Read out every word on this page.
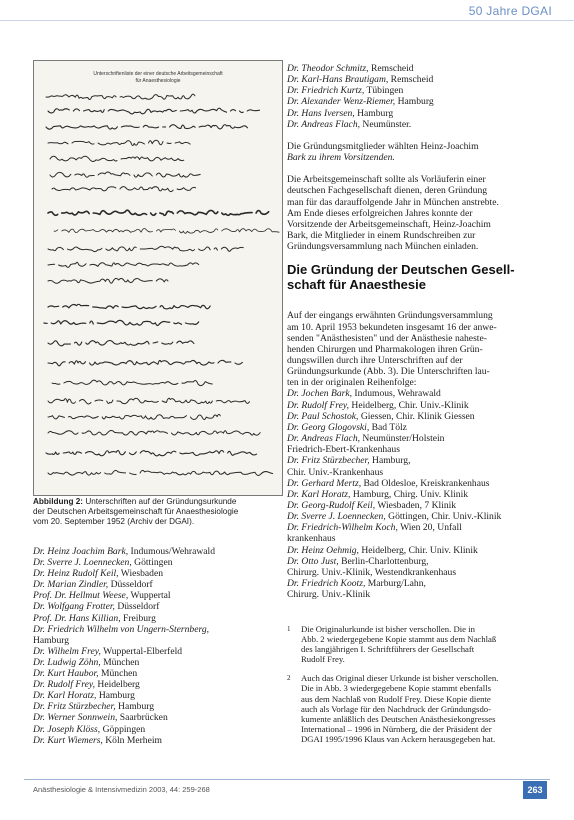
50 Jahre DGAI
Unterschriftenliste der einer deutsche Arbeitsgemeinschaft
für Anaesthesiologie
Abbildung 2: Unterschriften auf der Gründungsurkunde
der Deutschen Arbeitsgemeinschaft für Anaesthesiologie
vom 20. September 1952 (Archiv der DGAI).
Dr. Heinz Joachim Bark, Indumous/Wehrawald
Dr. Sverre J. Loennecken, Göttingen
Dr. Heinz Rudolf Keil, Wiesbaden
Dr. Marian Zindler, Düsseldorf
Prof. Dr. Hellmut Weese, Wuppertal
Dr. Wolfgang Frotter, Düsseldorf
Prof. Dr. Hans Killian, Freiburg
Dr. Friedrich Wilhelm von Ungern-Sternberg,
Hamburg
Dr. Wilhelm Frey, Wuppertal-Elberfeld
Dr. Ludwig Zöhn, München
Dr. Kurt Haubor, München
Dr. Rudolf Frey, Heidelberg
Dr. Karl Horatz, Hamburg
Dr. Fritz Stürzbecher, Hamburg
Dr. Werner Sonnwein, Saarbrücken
Dr. Joseph Klöss, Göppingen
Dr. Kurt Wiemers, Köln Merheim
Dr. Theodor Schmitz, Remscheid
Dr. Karl-Hans Brautigam, Remscheid
Dr. Friedrich Kurtz, Tübingen
Dr. Alexander Wenz-Riemer, Hamburg
Dr. Hans Iversen, Hamburg
Dr. Andreas Flach, Neumünster.
Die Gründungsmitglieder wählten Heinz-Joachim
Bark zu ihrem Vorsitzenden.
Die Arbeitsgemeinschaft sollte als Vorläuferin einer
deutschen Fachgesellschaft dienen, deren Gründung
man für das darauffolgende Jahr in München anstrebte.
Am Ende dieses erfolgreichen Jahres konnte der
Vorsitzende der Arbeitsgemeinschaft, Heinz-Joachim
Bark, die Mitglieder in einem Rundschreiben zur
Gründungsversammlung nach München einladen.
Die Gründung der Deutschen Gesell-
schaft für Anaesthesie
Auf der eingangs erwähnten Gründungsversammlung
am 10. April 1953 bekundeten insgesamt 16 der anwe-
senden "Anästhesisten" und der Anästhesie naheste-
henden Chirurgen und Pharmakologen ihren Grün-
dungswillen durch ihre Unterschriften auf der
Gründungsurkunde (Abb. 3). Die Unterschriften lau-
ten in der originalen Reihenfolge:
Dr. Jochen Bark, Indumous, Wehrawald
Dr. Rudolf Frey, Heidelberg, Chir. Univ.-Klinik
Dr. Paul Schostok, Giessen, Chir. Klinik Giessen
Dr. Georg Glogovski, Bad Tölz
Dr. Andreas Flach, Neumünster/Holstein
Friedrich-Ebert-Krankenhaus
Dr. Fritz Stürzbecher, Hamburg,
Chir. Univ.-Krankenhaus
Dr. Gerhard Mertz, Bad Oldesloe, Kreiskrankenhaus
Dr. Karl Horatz, Hamburg, Chirg. Univ. Klinik
Dr. Georg-Rudolf Keil, Wiesbaden, 7 Klinik
Dr. Sverre J. Loennecken, Göttingen, Chir. Univ.-Klinik
Dr. Friedrich-Wilhelm Koch, Wien 20, Unfall
krankenhaus
Dr. Heinz Oehmig, Heidelberg, Chir. Univ. Klinik
Dr. Otto Just, Berlin-Charlottenburg,
Chirurg. Univ.-Klinik, Westendkrankenhaus
Dr. Friedrich Kootz, Marburg/Lahn,
Chirurg. Univ.-Klinik
1	Die Originalurkunde ist bisher verschollen. Die in
Abb. 2 wiedergegebene Kopie stammt aus dem Nachlaß
des langjährigen I. Schriftführers der Gesellschaft
Rudolf Frey.
2	Auch das Original dieser Urkunde ist bisher verschollen.
Die in Abb. 3 wiedergegebene Kopie stammt ebenfalls
aus dem Nachlaß von Rudolf Frey. Diese Kopie diente
auch als Vorlage für den Nachdruck der Gründungsdo-
kumente anläßlich des Deutschen Anästhesiekongresses
International – 1996 in Nürnberg, die der Präsident der
DGAI 1995/1996 Klaus van Ackern herausgegeben hat.
Anästhesiologie & Intensivmedizin 2003, 44: 259-268	263
